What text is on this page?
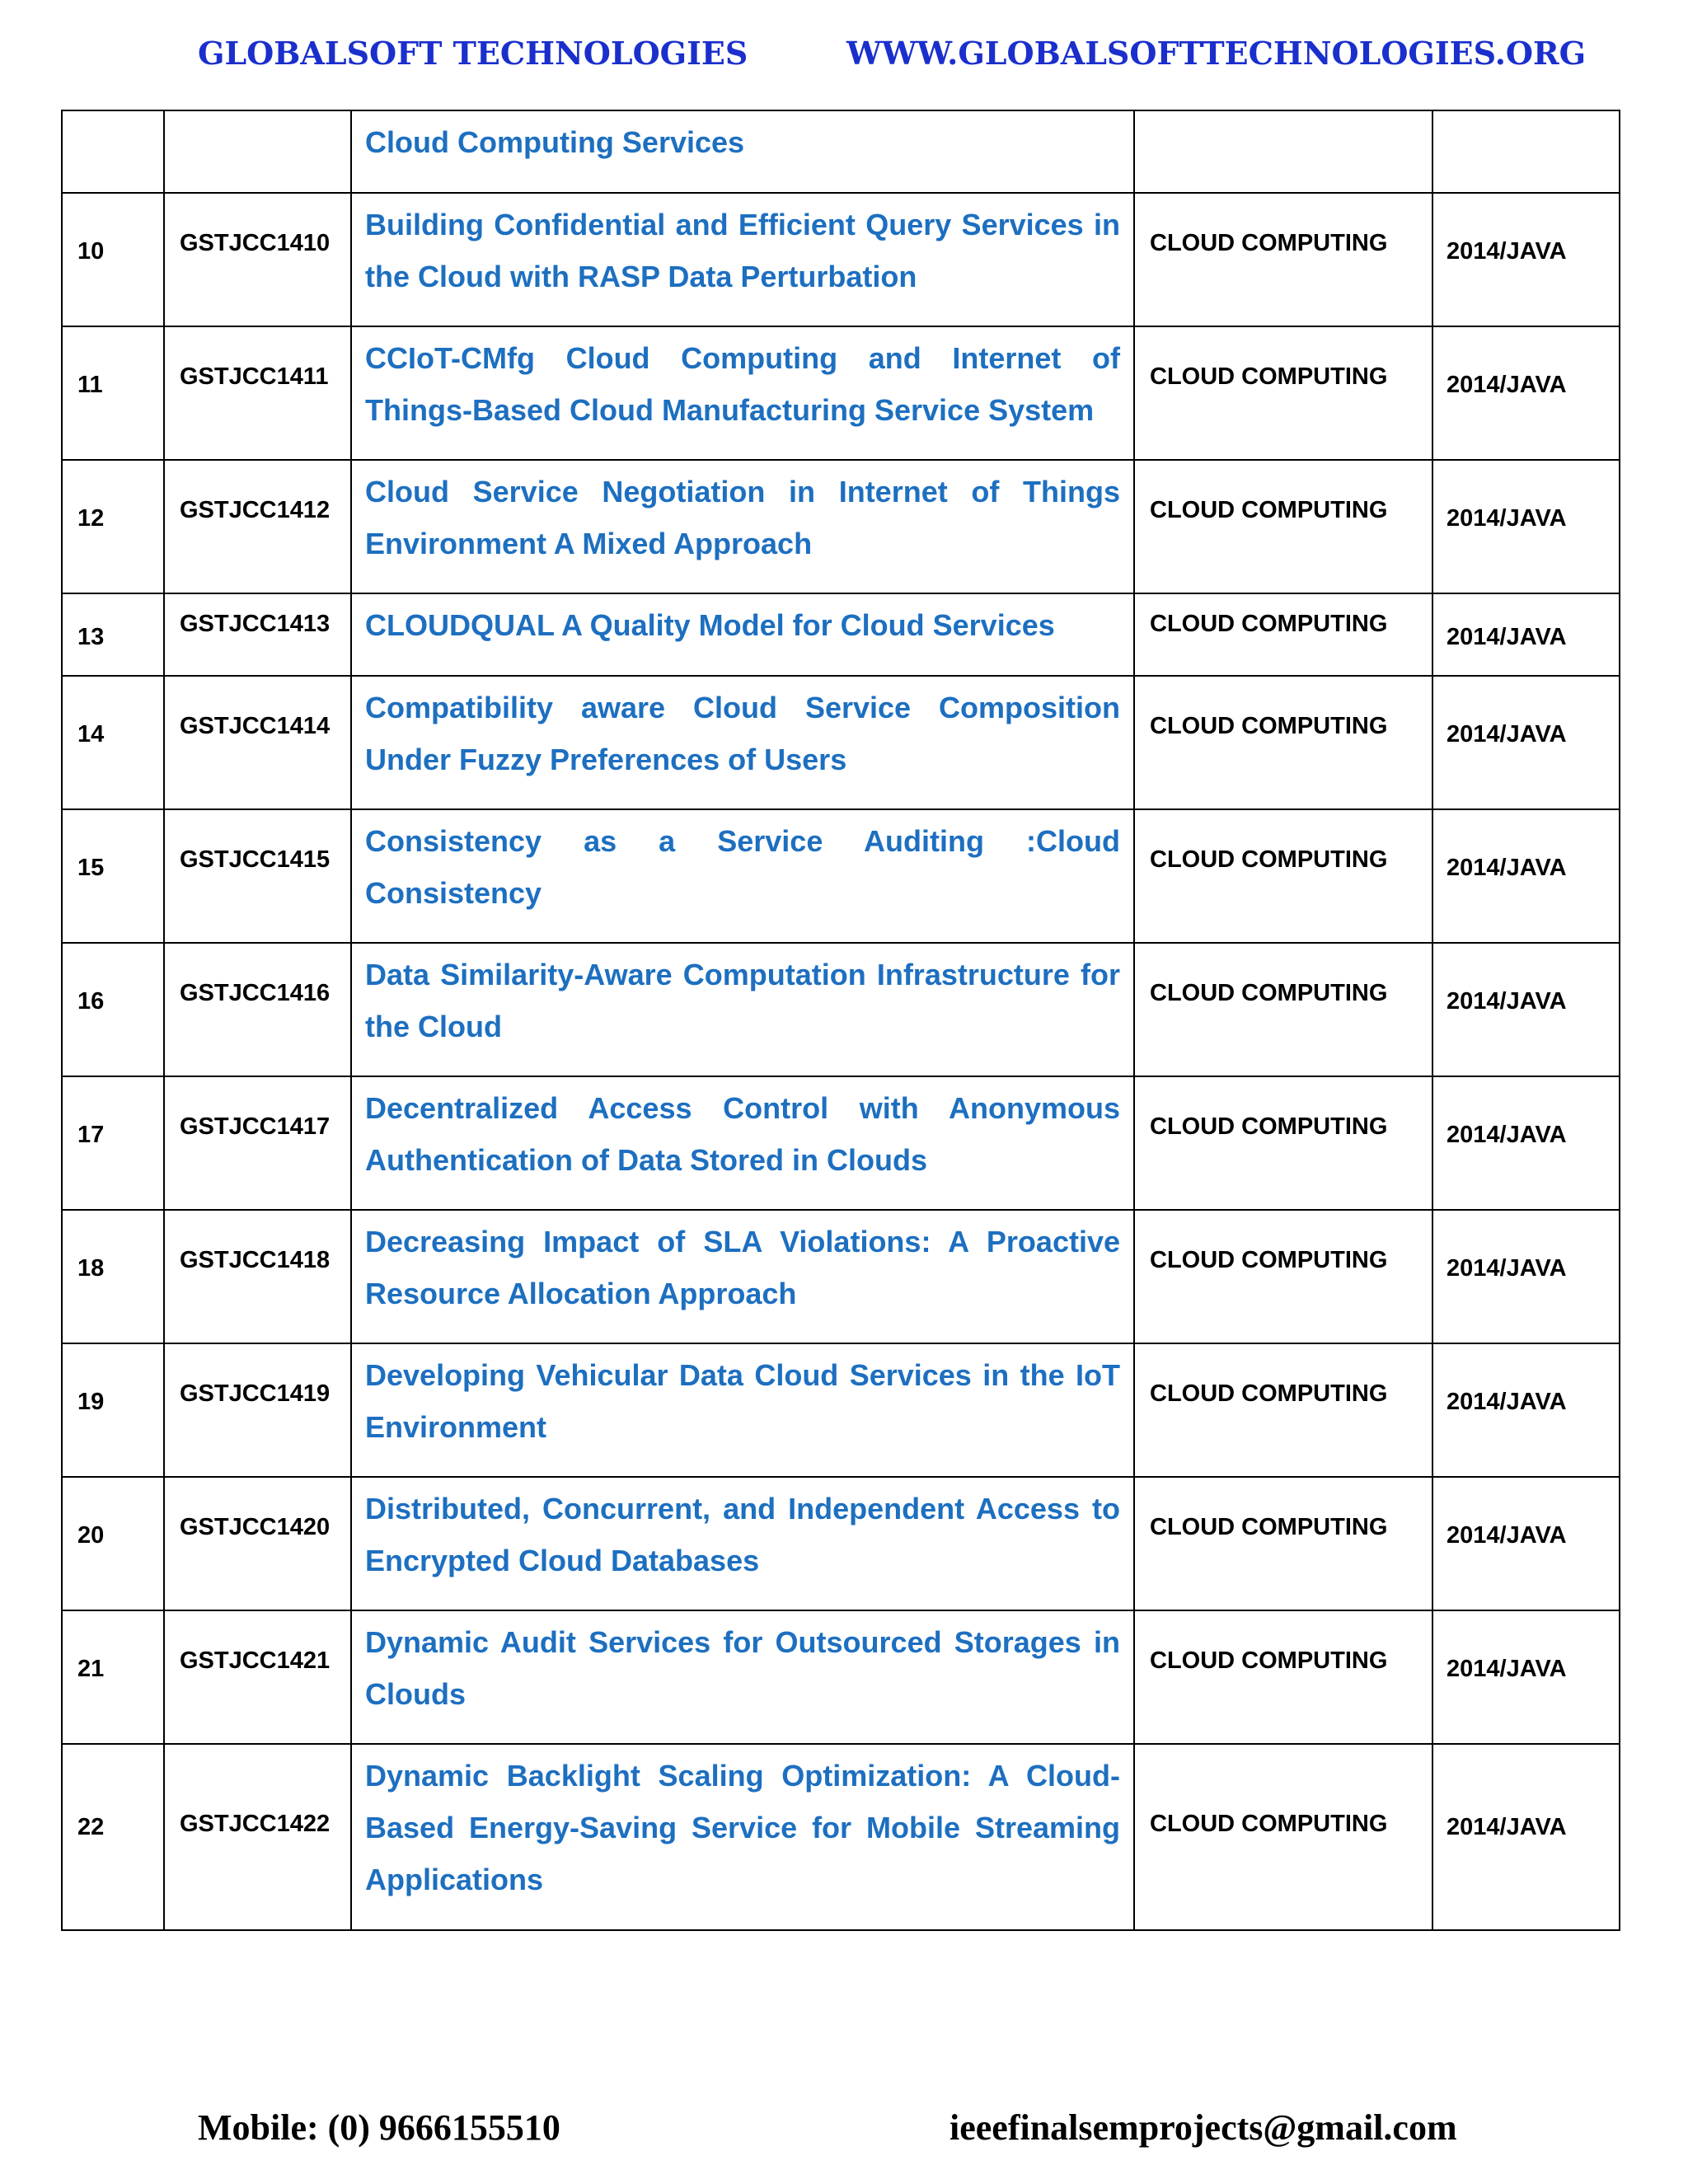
GLOBALSOFT TECHNOLOGIES	WWW.GLOBALSOFTTECHNOLOGIES.ORG

		Cloud Computing Services		

10	GSTJCC1410	Building Confidential and Efficient Query Services in the Cloud with RASP Data Perturbation	CLOUD COMPUTING	2014/JAVA

11	GSTJCC1411	CCIoT-CMfg Cloud Computing and Internet of Things-Based Cloud Manufacturing Service System	CLOUD COMPUTING	2014/JAVA

12	GSTJCC1412	Cloud Service Negotiation in Internet of Things Environment A Mixed Approach	CLOUD COMPUTING	2014/JAVA

13	GSTJCC1413	CLOUDQUAL A Quality Model for Cloud Services	CLOUD COMPUTING	2014/JAVA

14	GSTJCC1414	Compatibility aware Cloud Service Composition Under Fuzzy Preferences of Users	CLOUD COMPUTING	2014/JAVA

15	GSTJCC1415	Consistency as a Service Auditing :Cloud Consistency	CLOUD COMPUTING	2014/JAVA

16	GSTJCC1416	Data Similarity-Aware Computation Infrastructure for the Cloud	CLOUD COMPUTING	2014/JAVA

17	GSTJCC1417	Decentralized Access Control with Anonymous Authentication of Data Stored in Clouds	CLOUD COMPUTING	2014/JAVA

18	GSTJCC1418	Decreasing Impact of SLA Violations: A Proactive Resource Allocation Approach	CLOUD COMPUTING	2014/JAVA

19	GSTJCC1419	Developing Vehicular Data Cloud Services in the IoT Environment	CLOUD COMPUTING	2014/JAVA

20	GSTJCC1420	Distributed, Concurrent, and Independent Access to Encrypted Cloud Databases	CLOUD COMPUTING	2014/JAVA

21	GSTJCC1421	Dynamic Audit Services for Outsourced Storages in Clouds	CLOUD COMPUTING	2014/JAVA

22	GSTJCC1422	Dynamic Backlight Scaling Optimization: A Cloud-Based Energy-Saving Service for Mobile Streaming Applications	CLOUD COMPUTING	2014/JAVA
Mobile: (0) 9666155510	ieeefinalsemprojects@gmail.com
